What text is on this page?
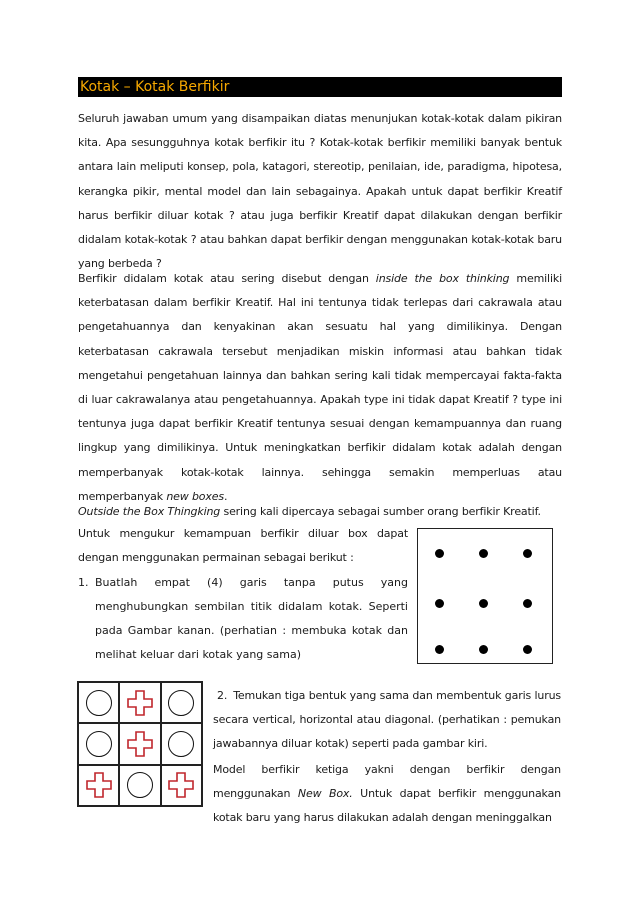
Kotak – Kotak Berfikir

Seluruh jawaban umum yang disampaikan diatas menunjukan kotak-kotak dalam pikiran kita. Apa sesungguhnya kotak berfikir itu ? Kotak-kotak berfikir memiliki banyak bentuk antara lain meliputi konsep, pola, katagori, stereotip, penilaian, ide, paradigma, hipotesa, kerangka pikir, mental model dan lain sebagainya. Apakah untuk dapat berfikir Kreatif harus berfikir diluar kotak ? atau juga berfikir Kreatif dapat dilakukan dengan berfikir didalam kotak-kotak ? atau bahkan dapat berfikir dengan menggunakan kotak-kotak baru yang berbeda ?

Berfikir didalam kotak atau sering disebut dengan inside the box thinking memiliki keterbatasan dalam berfikir Kreatif. Hal ini tentunya tidak terlepas dari cakrawala atau pengetahuannya dan kenyakinan akan sesuatu hal yang dimilikinya. Dengan keterbatasan cakrawala tersebut menjadikan miskin informasi atau bahkan tidak mengetahui pengetahuan lainnya dan bahkan sering kali tidak mempercayai fakta-fakta di luar cakrawalanya atau pengetahuannya. Apakah type ini tidak dapat Kreatif ? type ini tentunya juga dapat berfikir Kreatif tentunya sesuai dengan kemampuannya dan ruang lingkup yang dimilikinya. Untuk meningkatkan berfikir didalam kotak adalah dengan memperbanyak kotak-kotak lainnya. sehingga semakin memperluas atau memperbanyak new boxes.

Outside the Box Thingking sering kali dipercaya sebagai sumber orang berfikir Kreatif.

Untuk mengukur kemampuan berfikir diluar box dapat dengan menggunakan permainan sebagai berikut :

1. Buatlah empat (4) garis tanpa putus yang menghubungkan sembilan titik didalam kotak. Seperti pada Gambar kanan. (perhatian : membuka kotak dan melihat keluar dari kotak yang sama)

2. Temukan tiga bentuk yang sama dan membentuk garis lurus secara vertical, horizontal atau diagonal. (perhatikan : pemukan jawabannya diluar kotak) seperti pada gambar kiri.

Model berfikir ketiga yakni dengan berfikir dengan menggunakan New Box. Untuk dapat berfikir menggunakan kotak baru yang harus dilakukan adalah dengan meninggalkan
